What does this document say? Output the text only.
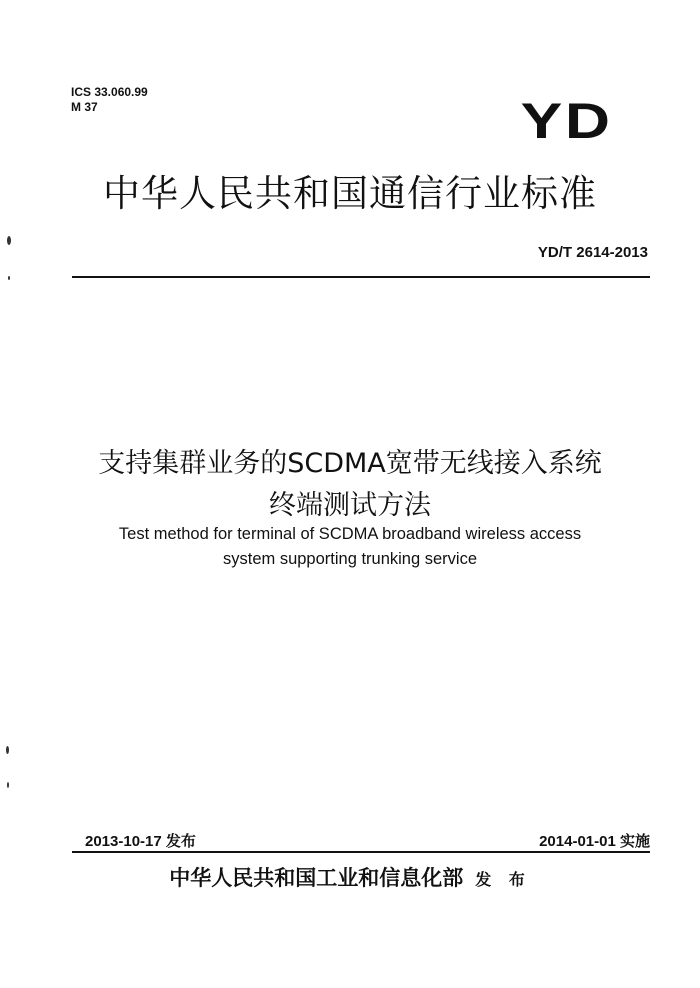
ICS 33.060.99
M 37	YD
中华人民共和国通信行业标准
YD/T 2614-2013
支持集群业务的SCDMA宽带无线接入系统
终端测试方法
Test method for terminal of SCDMA broadband wireless access
system supporting trunking service
2013-10-17 发布	2014-01-01 实施
中华人民共和国工业和信息化部 发 布
